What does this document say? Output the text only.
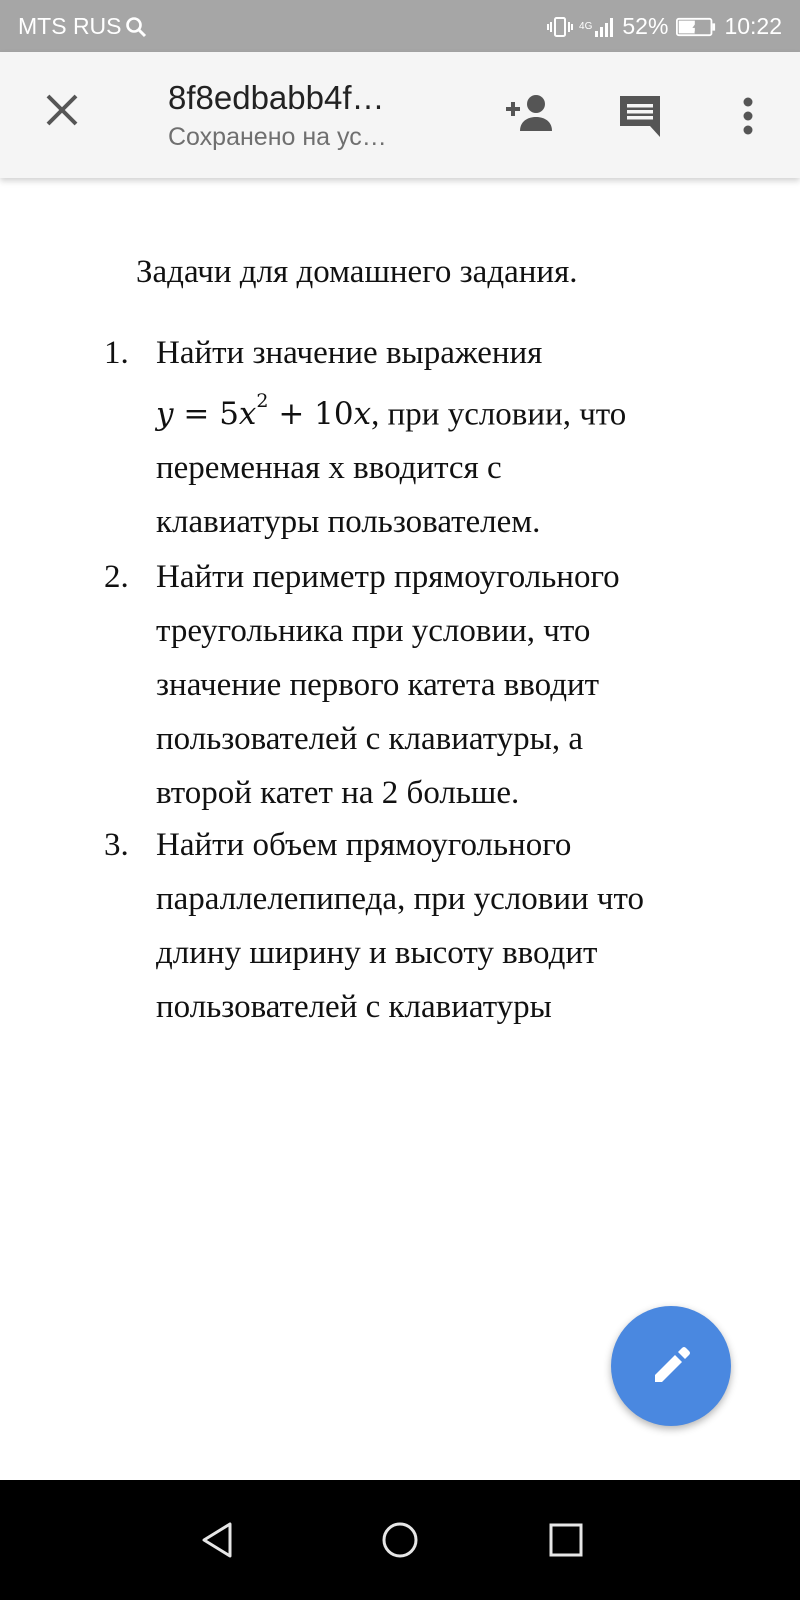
MTS RUS	4G 52% 10:22
8f8edbabb4f…
Сохранено на ус…
Задачи для домашнего задания.
1. Найти значение выражения
$y = 5x^2 + 10x$, при условии, что
переменная х вводится с
клавиатуры пользователем.
2. Найти периметр прямоугольного
треугольника при условии, что
значение первого катета вводит
пользователей с клавиатуры, а
второй катет на 2 больше.
3. Найти объем прямоугольного
параллелепипеда, при условии что
длину ширину и высоту вводит
пользователей с клавиатуры
